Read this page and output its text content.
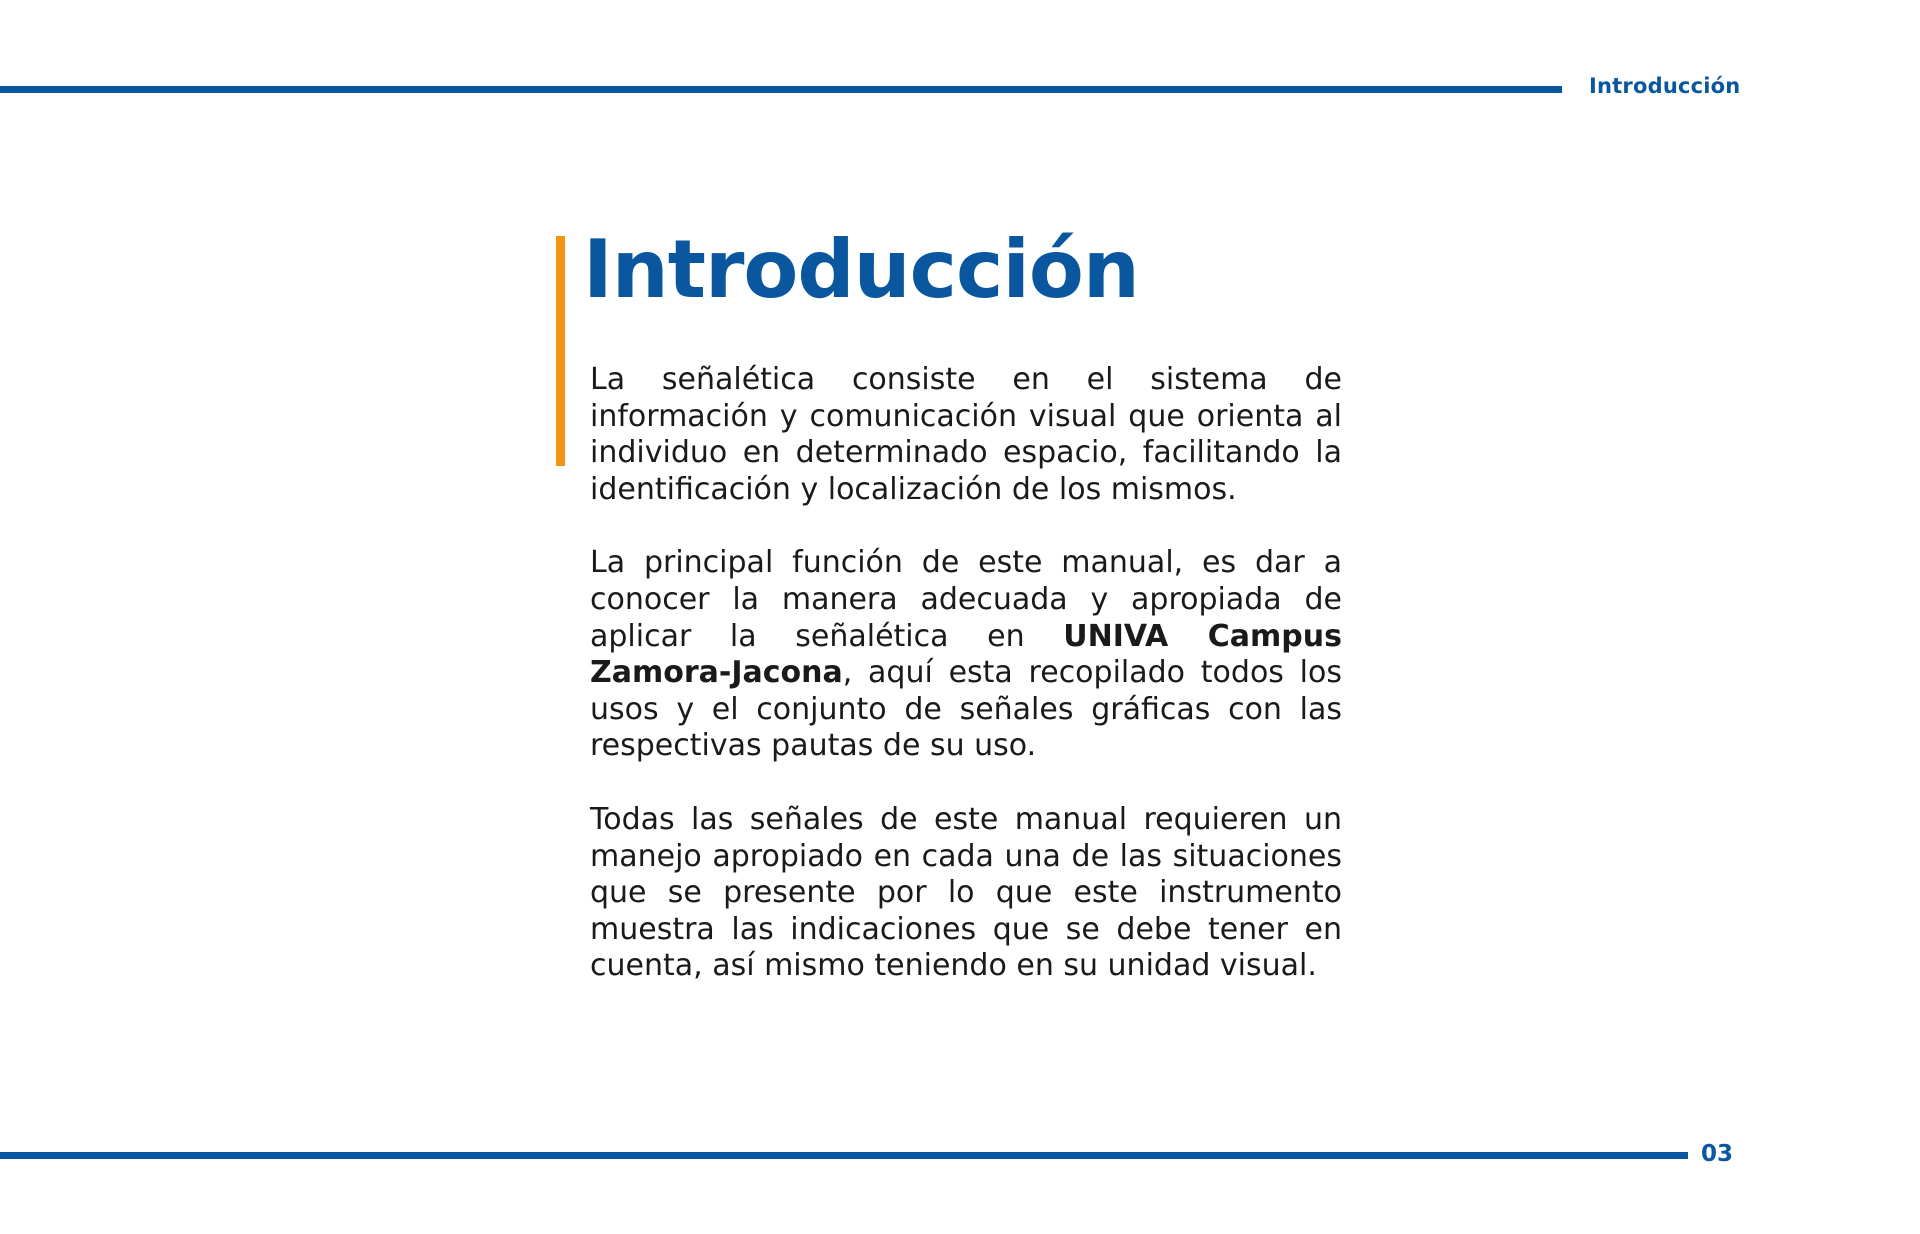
Introducción
Introducción

La señalética consiste en el sistema de información y comunicación visual que orienta al individuo en determinado espacio, facilitando la identificación y localización de los mismos.

La principal función de este manual, es dar a conocer la manera adecuada y apropiada de aplicar la señalética en UNIVA Campus Zamora-Jacona, aquí esta recopilado todos los usos y el conjunto de señales gráficas con las respectivas pautas de su uso.

Todas las señales de este manual requieren un manejo apropiado en cada una de las situaciones que se presente por lo que este instrumento muestra las indicaciones que se debe tener en cuenta, así mismo teniendo en su unidad visual.

03
